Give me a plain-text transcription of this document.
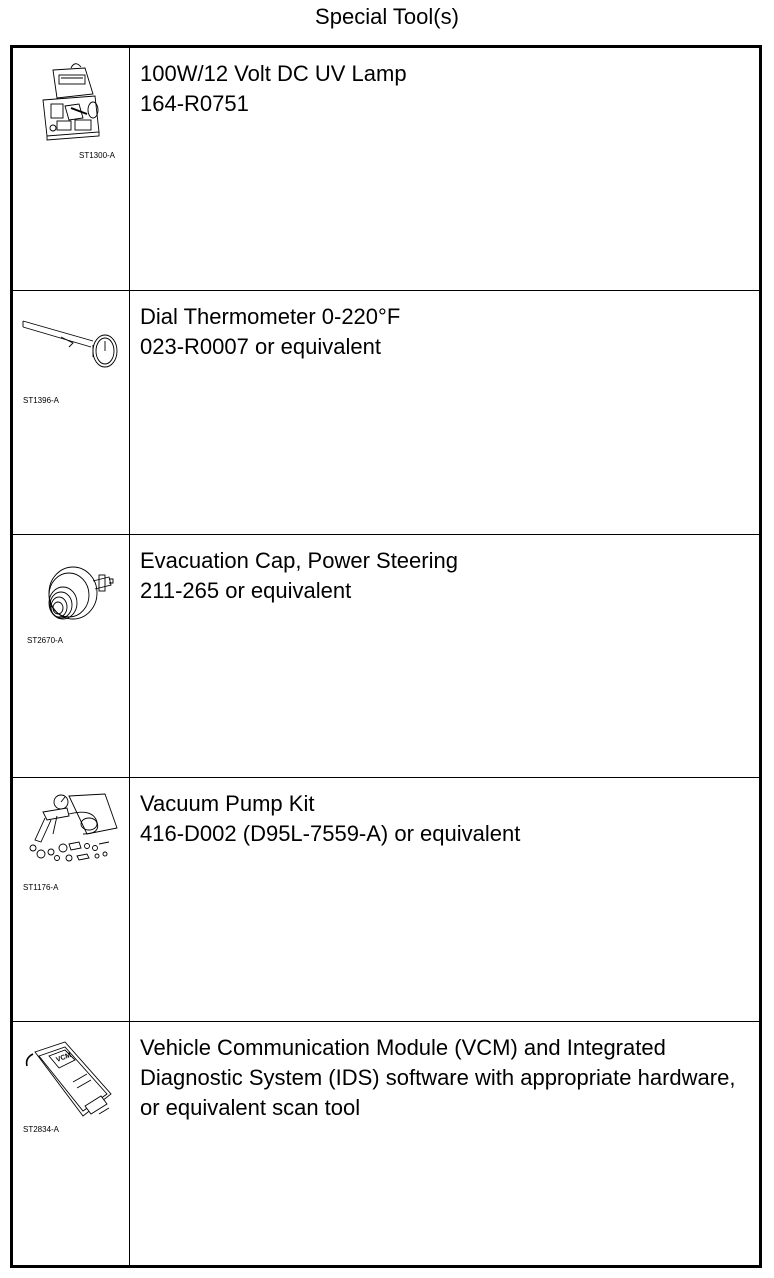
Special Tool(s)
ST1300-A
100W/12 Volt DC UV Lamp
164-R0751
ST1396-A
Dial Thermometer 0-220°F
023-R0007 or equivalent
ST2670-A
Evacuation Cap, Power Steering
211-265 or equivalent
ST1176-A
Vacuum Pump Kit
416-D002 (D95L-7559-A) or equivalent
VCM
ST2834-A
Vehicle Communication Module (VCM) and Integrated Diagnostic System (IDS) software with appropriate hardware, or equivalent scan tool
